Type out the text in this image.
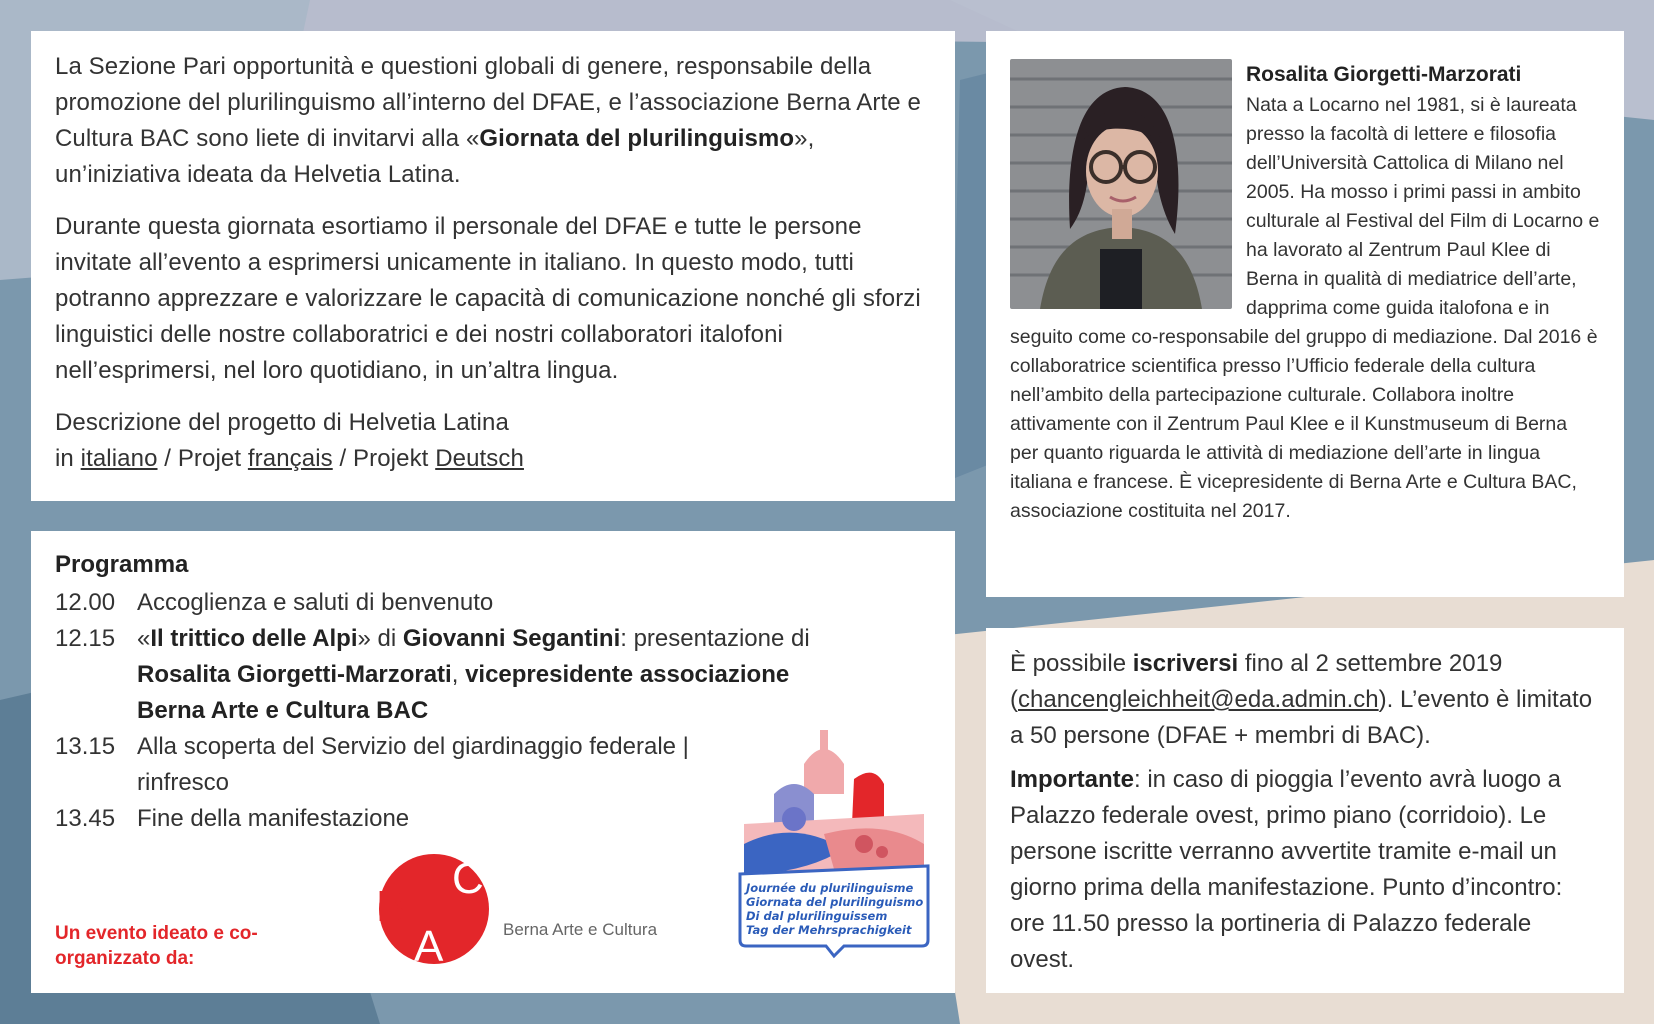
La Sezione Pari opportunità e questioni globali di genere, responsabile della promozione del plurilinguismo all’interno del DFAE, e l’associazione Berna Arte e Cultura BAC sono liete di invitarvi alla «Giornata del plurilinguismo», un’iniziativa ideata da Helvetia Latina.

Durante questa giornata esortiamo il personale del DFAE e tutte le persone invitate all’evento a esprimersi unicamente in italiano. In questo modo, tutti potranno apprezzare e valorizzare le capacità di comunicazione nonché gli sforzi linguistici delle nostre collaboratrici e dei nostri collaboratori italofoni nell’esprimersi, nel loro quotidiano, in un’altra lingua.

Descrizione del progetto di Helvetia Latina
in italiano / Projet français / Projekt Deutsch

Rosalita Giorgetti-Marzorati
Nata a Locarno nel 1981, si è laureata presso la facoltà di lettere e filosofia dell’Università Cattolica di Milano nel 2005. Ha mosso i primi passi in ambito culturale al Festival del Film di Locarno e ha lavorato al Zentrum Paul Klee di Berna in qualità di mediatrice dell’arte, dapprima come guida italofona e in seguito come co-responsabile del gruppo di mediazione. Dal 2016 è collaboratrice scientifica presso l’Ufficio federale della cultura nell’ambito della partecipazione culturale. Collabora inoltre attivamente con il Zentrum Paul Klee e il Kunstmuseum di Berna per quanto riguarda le attività di mediazione dell’arte in lingua italiana e francese. È vicepresidente di Berna Arte e Cultura BAC, associazione costituita nel 2017.
Programma
12.00 Accoglienza e saluti di benvenuto
12.15 «Il trittico delle Alpi» di Giovanni Segantini: presentazione di Rosalita Giorgetti-Marzorati, vicepresidente associazione Berna Arte e Cultura BAC
13.15 Alla scoperta del Servizio del giardinaggio federale | rinfresco
13.45 Fine della manifestazione
Un evento ideato e co-organizzato da:
B
C
A	Berna Arte e Cultura
Journée du plurilinguisme
Giornata del plurilinguismo
Di dal plurilinguissem
Tag der Mehrsprachigkeit

È possibile iscriversi fino al 2 settembre 2019 (chancengleichheit@eda.admin.ch). L’evento è limitato a 50 persone (DFAE + membri di BAC).

Importante: in caso di pioggia l’evento avrà luogo a Palazzo federale ovest, primo piano (corridoio). Le persone iscritte verranno avvertite tramite e-mail un giorno prima della manifestazione. Punto d’incontro: ore 11.50 presso la portineria di Palazzo federale ovest.
